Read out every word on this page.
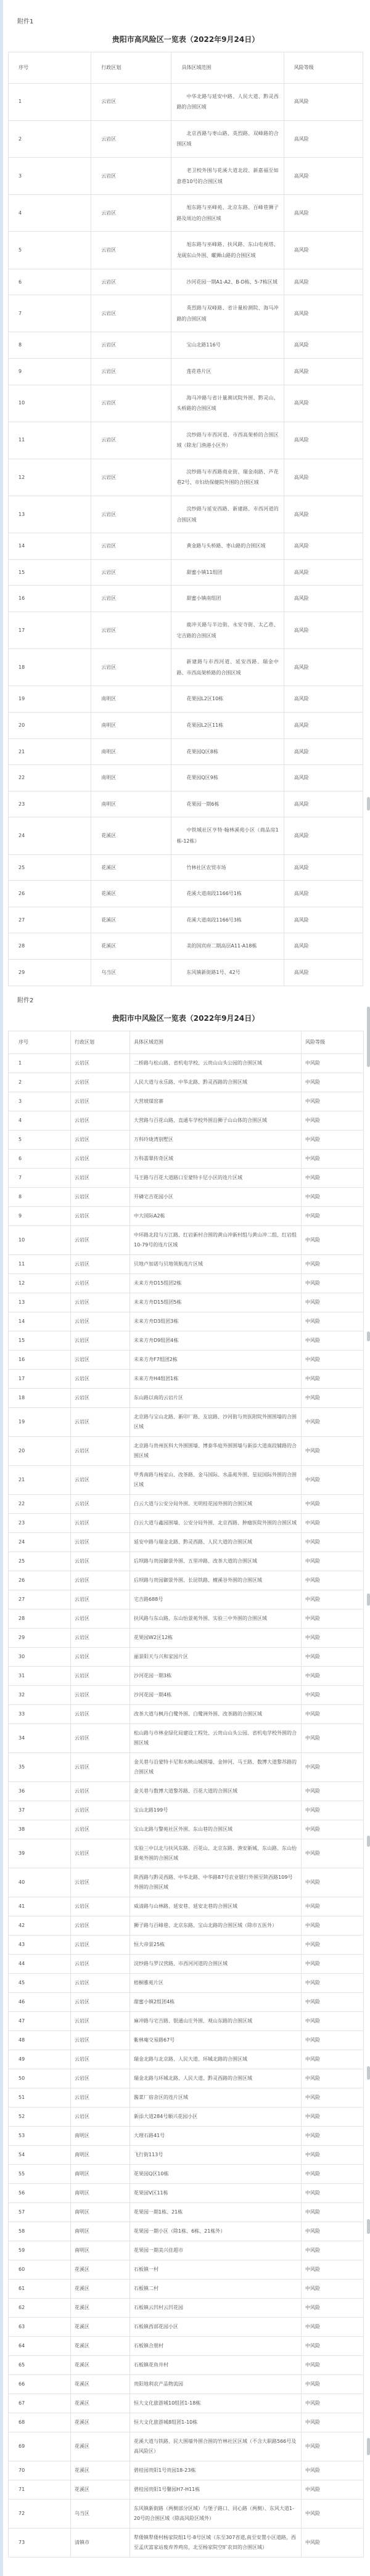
附件1
贵阳市高风险区一览表（2022年9月24日）
序号	行政区划	具体区域范围	风险等级
1	云岩区	中华北路与延安中路、人民大道、黔灵西路的合围区域	高风险
2	云岩区	北京西路与枣山路、英烈路、双峰路的合围区域	高风险
3	云岩区	老卫校外围与花溪大道北段、新嘉福至如意巷10号的合围区域	高风险
4	云岩区	旭东路与巫峰苑、北京东路、百峰巷狮子路及周边的合围区域	高风险
5	云岩区	旭东路与巫峰路、扶风路、东山电视塔、龙砚东山外围、螺狮山路的合围区域	高风险
6	云岩区	沙河花园一期A1-A2、B-D栋、5-7栋区域	高风险
7	云岩区	英烈路与双峰路、省计量检测院、海马冲路的合围区域	高风险
8	云岩区	宝山北路116号	高风险
9	云岩区	莲花巷片区	高风险
10	云岩区	海马冲路与省计量测试院外围、黔灵山、头桥路的合围区域	高风险
11	云岩区	浣纱路与市西河道、市西高架桥的合围区域（除龙门渔港小区外）	高风险
12	云岩区	浣纱路与市西路商业街、瑞金南路、芦花巷2号、市妇幼保健院外围的合围区域	高风险
13	云岩区	浣纱路与延安西路、新建路、市西河道的合围区域	高风险
14	云岩区	黄金路与头桥路、枣山路的合围区域	高风险
15	云岩区	甜蜜小镇11组团	高风险
16	云岩区	甜蜜小镇南组团	高风险
17	云岩区	鹿冲关路与半边街、永安寺街、太乙巷、宅吉路的合围区域	高风险
18	云岩区	新建路与市西河道、延安西路、瑞金中路、市西高架桥路的合围区域	高风险
19	南明区	花果园L2区10栋	高风险
20	南明区	花果园L2区11栋	高风险
21	南明区	花果园Q区8栋	高风险
22	南明区	花果园Q区9栋	高风险
23	南明区	花果园一期6栋	高风险
24	花溪区	中铁城社区亨特·翰林溪苑小区（商品房1栋-12栋）	高风险
25	花溪区	竹林社区农贸市场	高风险
26	花溪区	花溪大道南段1166号1栋	高风险
27	花溪区	花溪大道南段1166号3栋	高风险
28	花溪区	美的国宾府二期高层A11-A18栋	高风险
29	乌当区	东风镇新街路1号、42号	高风险
附件2
贵阳市中风险区一览表（2022年9月24日）
序号	行政区划	具体区域范围	风险等级
1	云岩区	二桥路与松山路、省机电学校、云贵山山头公园的合围区域	中风险
2	云岩区	人民大道与永乐路、中华北路、黔灵西路的合围区域	中风险
3	云岩区	大营坡煤窑寨	中风险
4	云岩区	大营路与百花山路、直通车学校外围沿狮子山山体的合围区域	中风险
5	云岩区	万科玲珑湾别墅区	中风险
6	云岩区	万科翡翠传奇区域	中风险
7	云岩区	马王路与百花大道路口至蒙特卡尼小区的连片区域	中风险
8	云岩区	开磷宅吉花园小区	中风险
9	云岩区	中大国际A2栋	中风险
10	云岩区	中环路北段与万江路、红岩新村合围的黄山冲新村组与黄山冲二组、红岩组10-79号的连片区域	中风险
11	云岩区	贝地卢加诺与贝地领航连片区域	中风险
12	云岩区	未来方舟D15组团2栋	中风险
13	云岩区	未来方舟D15组团5栋	中风险
14	云岩区	未来方舟D3组团3栋	中风险
15	云岩区	未来方舟D9组团4栋	中风险
16	云岩区	未来方舟F7组团2栋	中风险
17	云岩区	未来方舟H4组团1栋	中风险
18	云岩区	东山路以南的云岩片区	中风险
19	云岩区	北京路与宝山北路、新印厂路、友谊路、沙河街与贵医附院外围围墙的合围区域	中风险
20	云岩区	北京路与贵州医科大外围围墙、博泰华庭外围围墙与新添大道南段辅路的合围区域	中风险
21	云岩区	甲秀南路与杨家山、改茶路、金马国际、水晶苑外围、星辰国际外围的合围区域	中风险
22	云岩区	白云大道与公安分局外围、光明桂花园外围的合围区域	中风险
23	云岩区	白云大道与鑫园围墙、公安分局外围、北京西路、肿瘤医院外围的合围区域	中风险
24	云岩区	延安中路与瑞金北路、黔灵西路、人民大道的合围区域	中风险
25	云岩区	后坝路与贵园御景外围、五里冲路、改茶大道的合围区域	中风险
26	云岩区	后坝路与贵园御景外围、长昆铁路、檀溪谷外围的合围区域	中风险
27	云岩区	宅吉路688号	中风险
28	云岩区	扶风路与东山路、东山怡景苑外围、实验三中外围的合围区域	中风险
29	云岩区	花果园W2区12栋	中风险
30	云岩区	丽景阳天与兴和家园片区	中风险
31	云岩区	沙河花园一期3栋	中风险
32	云岩区	沙河花园一期4栋	中风险
33	云岩区	改茶大道与枫丹白鹭外围、白鹭洲外围、改茶路的合围区域	中风险
34	云岩区	松山路与市林业绿化局建设工程处、云贵山山头公园、省机电学校外围的合围区域	中风险
35	云岩区	金关巷与沿蒙特卡尼和水映山城围墙、金钟河、马王路、数博大道黎苏路的合围区域	中风险
36	云岩区	金关巷与数博大道黎苏路、百花大道的合围区域	中风险
37	云岩区	宝山北路199号	中风险
38	云岩区	宝山北路与警苑社区外围、东山巷的合围区域	中风险
39	云岩区	实验三中以北与扶风东路、百花山、北京东路、渔安新城、东山路、东山怡景苑外围的合围区域	中风险
40	云岩区	陕西路与黔灵西路、中华北路、中华路87号农业银行外围至陕西路109号外围的合围区域	中风险
41	云岩区	威清路与山林路、延安巷、延安北巷的合围区域	中风险
42	云岩区	狮子路与百峰巷、北京东路、宝山北路的合围区域（除市五医外）	中风险
43	云岩区	恒大帝景25栋	中风险
44	云岩区	浣纱路与罗汉营路、市西河河道的合围区域	中风险
45	云岩区	梧桐雅苑片区	中风险
46	云岩区	甜蜜小镇2组团4栋	中风险
47	云岩区	麻冲路与宅吉路、银通山庄外围、观山东路的合围区域	中风险
48	云岩区	紫林庵交易路67号	中风险
49	云岩区	瑞金北路与北京路、人民大道、环城北路的合围区域	中风险
50	云岩区	瑞金北路与环城北路、人民大道、黔灵西路的合围区域	中风险
51	云岩区	酱菜厂宿舍区的连片区域	中风险
52	云岩区	新添大道284号顺兴花园小区	中风险
53	南明区	大理石路41号	中风险
54	南明区	飞行街113号	中风险
55	南明区	花果园Q区10栋	中风险
56	南明区	花果园V区11栋	中风险
57	南明区	花果园一期1栋、21栋	中风险
58	南明区	花果园一期小区（除1栋、6栋、21栋外）	中风险
59	南明区	花果园一期美兴佳超市	中风险
60	花溪区	石板镇一村	中风险
61	花溪区	石板镇二村	中风险
62	花溪区	石板镇云凹村云凹花园	中风险
63	花溪区	石板镇西部花园小区	中风险
64	花溪区	石板镇合朋村	中风险
65	花溪区	石板镇花鱼井村	中风险
66	花溪区	贵阳地利农产品物流园	中风险
67	花溪区	恒大文化旅游城10组团1-18栋	中风险
68	花溪区	恒大文化旅游城8组团1-10栋	中风险
69	花溪区	花溪大道与铁路、民大围墙外围合围的竹林社区区域（不含大职路566号及高风险区）	中风险
70	花溪区	碧桂园贵阳1号贵园18-23栋	中风险
71	花溪区	碧桂园贵阳1号馨园H7-H11栋	中风险
72	乌当区	东风镇新街路（两侧部分区域）与堡子路口、同心路（两侧）、东风大道1-20号的合围区域（除高风险区域外）	中风险
73	清镇市	犁倭镇犁倭村杨家院组1号-8号区域（东至307省道,南至安置小区道路，西至孟庆富家站废弃养鸡房，北至杨家院空旷农田的合围区域）	中风险
